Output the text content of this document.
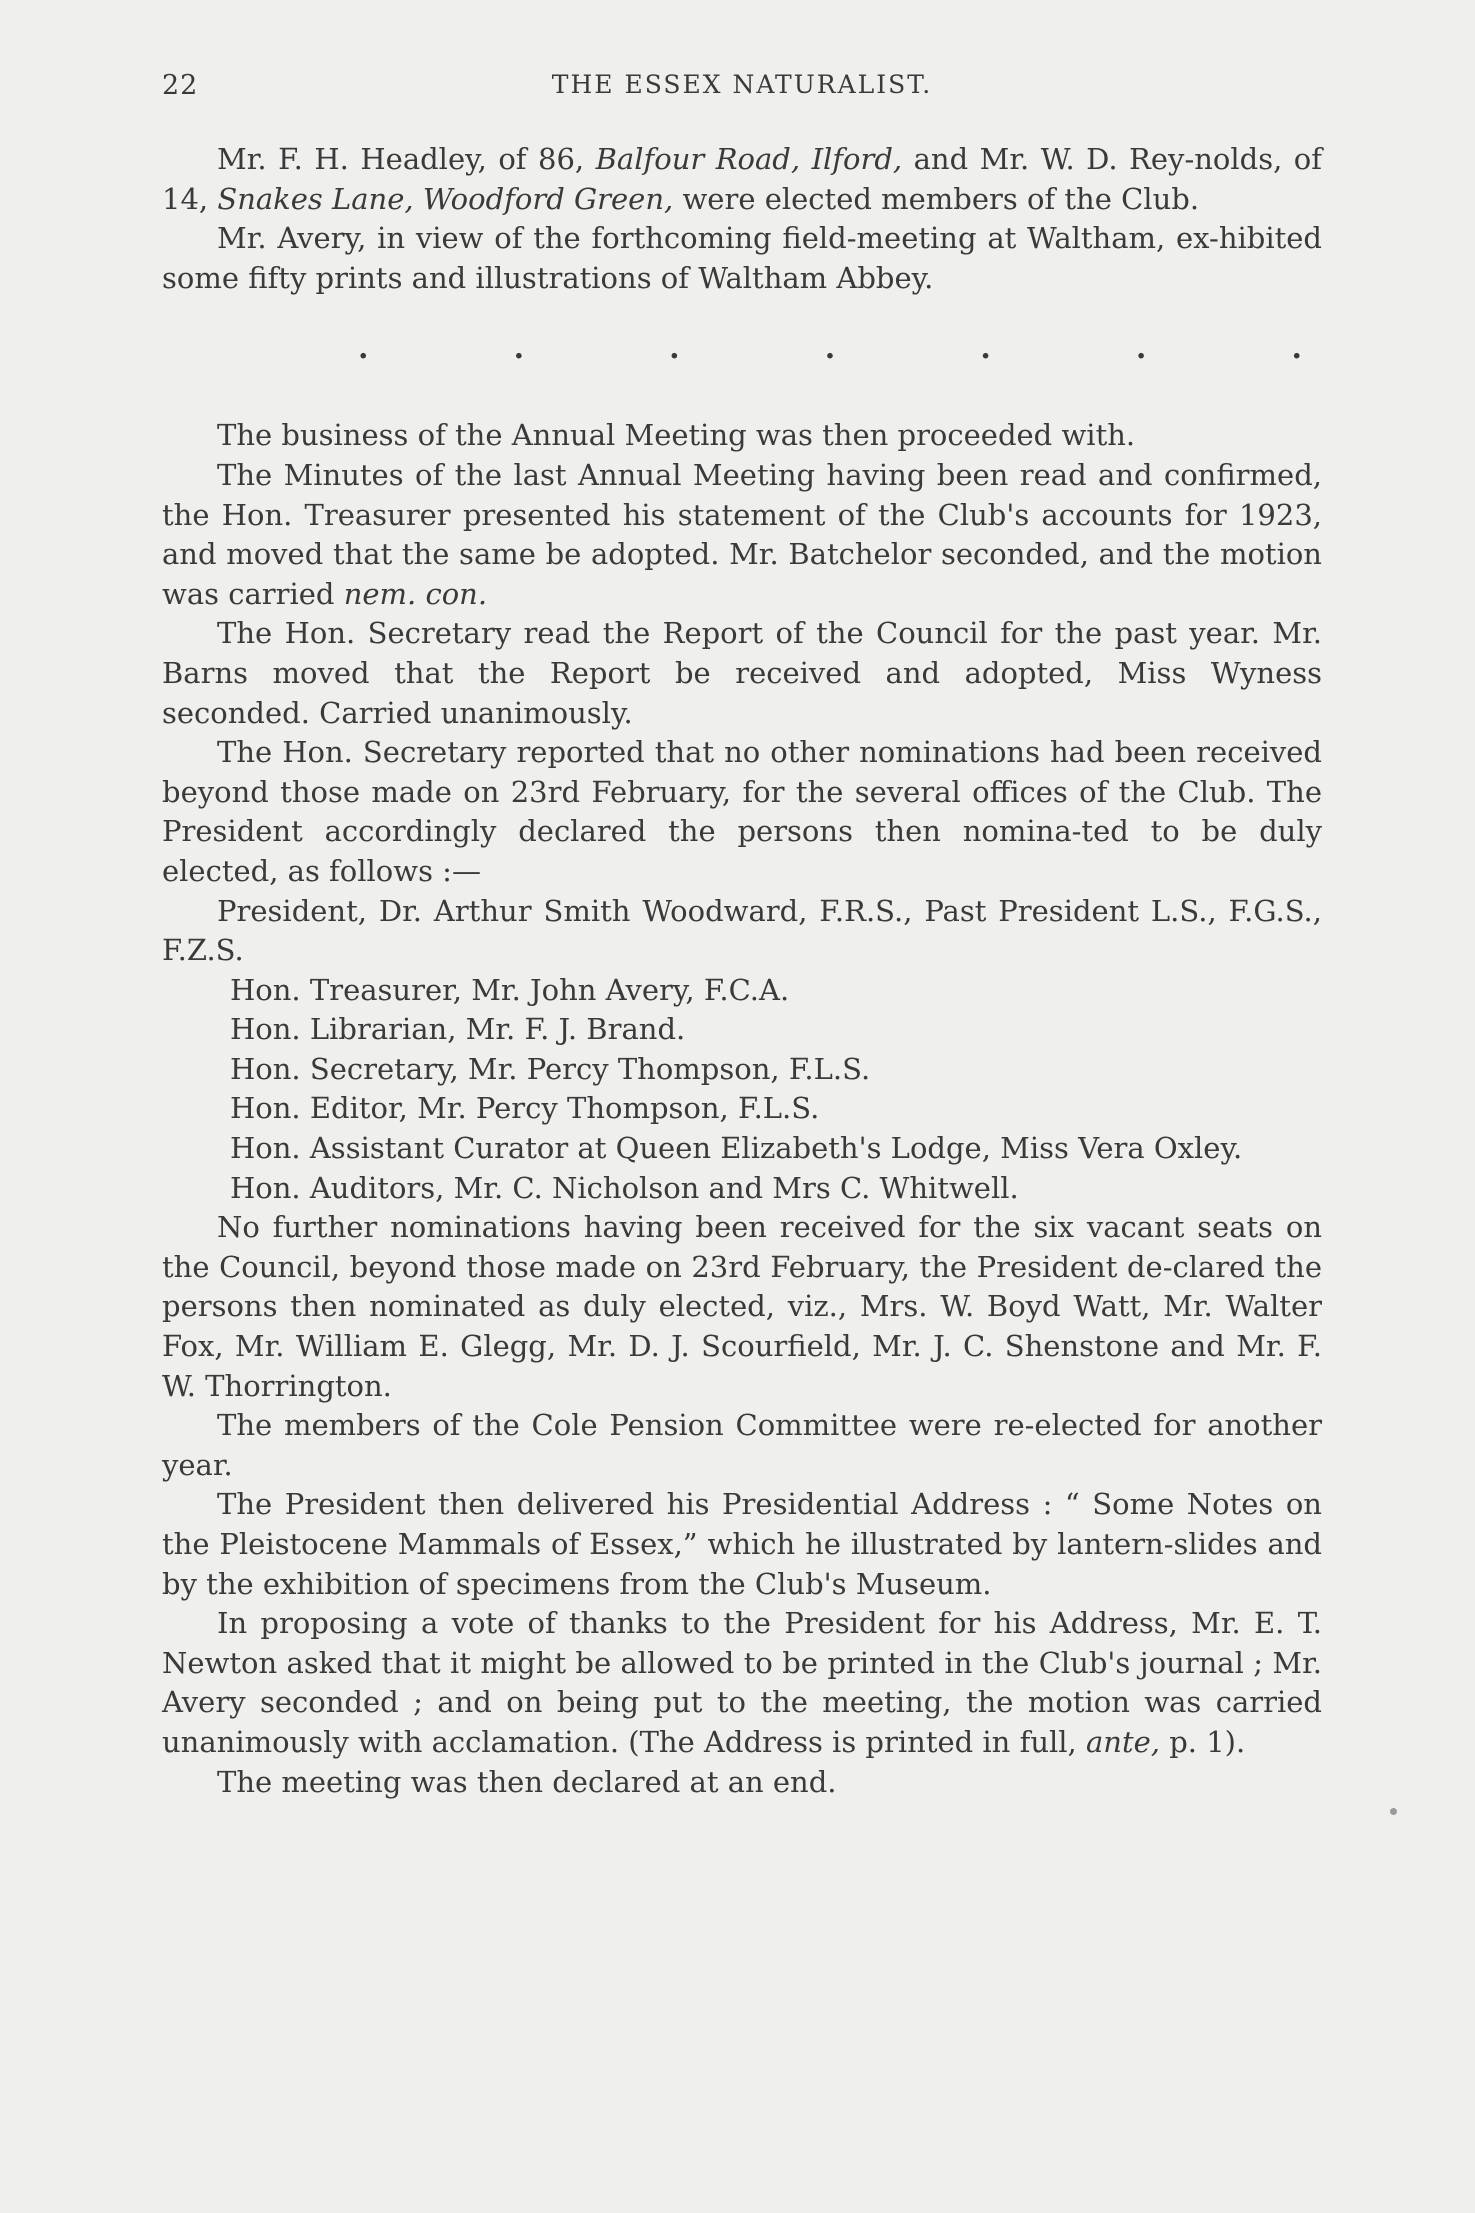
22	THE ESSEX NATURALIST.

Mr. F. H. Headley, of 86, Balfour Road, Ilford, and Mr. W. D. Rey-nolds, of 14, Snakes Lane, Woodford Green, were elected members of the Club.

Mr. Avery, in view of the forthcoming field-meeting at Waltham, ex-hibited some fifty prints and illustrations of Waltham Abbey.

.	.	.	.	.	.	.

The business of the Annual Meeting was then proceeded with.

The Minutes of the last Annual Meeting having been read and confirmed, the Hon. Treasurer presented his statement of the Club's accounts for 1923, and moved that the same be adopted. Mr. Batchelor seconded, and the motion was carried nem. con.

The Hon. Secretary read the Report of the Council for the past year. Mr. Barns moved that the Report be received and adopted, Miss Wyness seconded. Carried unanimously.

The Hon. Secretary reported that no other nominations had been received beyond those made on 23rd February, for the several offices of the Club. The President accordingly declared the persons then nomina-ted to be duly elected, as follows :—

President, Dr. Arthur Smith Woodward, F.R.S., Past President L.S., F.G.S., F.Z.S.

Hon. Treasurer, Mr. John Avery, F.C.A.

Hon. Librarian, Mr. F. J. Brand.

Hon. Secretary, Mr. Percy Thompson, F.L.S.

Hon. Editor, Mr. Percy Thompson, F.L.S.

Hon. Assistant Curator at Queen Elizabeth's Lodge, Miss Vera Oxley.

Hon. Auditors, Mr. C. Nicholson and Mrs C. Whitwell.

No further nominations having been received for the six vacant seats on the Council, beyond those made on 23rd February, the President de-clared the persons then nominated as duly elected, viz., Mrs. W. Boyd Watt, Mr. Walter Fox, Mr. William E. Glegg, Mr. D. J. Scourfield, Mr. J. C. Shenstone and Mr. F. W. Thorrington.

The members of the Cole Pension Committee were re-elected for another year.

The President then delivered his Presidential Address : “ Some Notes on the Pleistocene Mammals of Essex,” which he illustrated by lantern-slides and by the exhibition of specimens from the Club's Museum.

In proposing a vote of thanks to the President for his Address, Mr. E. T. Newton asked that it might be allowed to be printed in the Club's journal ; Mr. Avery seconded ; and on being put to the meeting, the motion was carried unanimously with acclamation. (The Address is printed in full, ante, p. 1).

The meeting was then declared at an end.
